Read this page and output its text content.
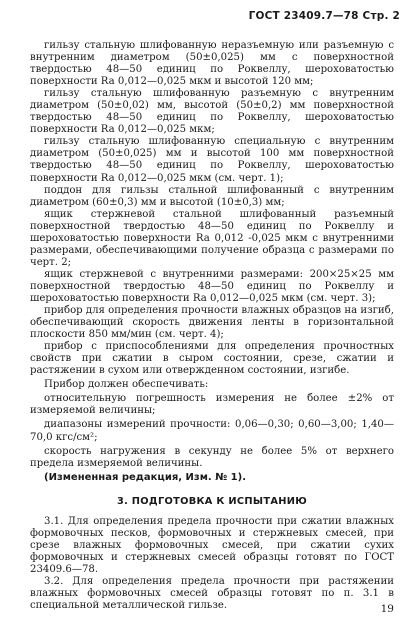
ГОСТ 23409.7—78 Стр. 2

гильзу стальную шлифованную неразъемную или разъемную с внутренним диаметром (50±0,025) мм с поверхностной твердостью 48—50 единиц по Роквеллу, шероховатостью поверхности Ra 0,012—0,025 мкм и высотой 120 мм;

гильзу стальную шлифованную разъемную с внутренним диаметром (50±0,02) мм, высотой (50±0,2) мм поверхностной твердостью 48—50 единиц по Роквеллу, шероховатостью поверхности Ra 0,012—0,025 мкм;

гильзу стальную шлифованную специальную с внутренним диаметром (50±0,025) мм и высотой 100 мм поверхностной твердостью 48—50 единиц по Роквеллу, шероховатостью поверхности Ra 0,012—0,025 мкм (см. черт. 1);

поддон для гильзы стальной шлифованный с внутренним диаметром (60±0,3) мм и высотой (10±0,3) мм;

ящик стержневой стальной шлифованный разъемный поверхностной твердостью 48—50 единиц по Роквеллу и шероховатостью поверхности Ra 0,012 -0,025 мкм с внутренними размерами, обеспечивающими получение образца с размерами по черт. 2;

ящик стержневой с внутренними размерами: 200×25×25 мм поверхностной твердостью 48—50 единиц по Роквеллу и шероховатостью поверхности Ra 0,012—0,025 мкм (см. черт. 3);

прибор для определения прочности влажных образцов на изгиб, обеспечивающий скорость движения ленты в горизонтальной плоскости 850 мм/мин (см. черт. 4);

прибор с приспособлениями для определения прочностных свойств при сжатии в сыром состоянии, срезе, сжатии и растяжении в сухом или отвержденном состоянии, изгибе.

Прибор должен обеспечивать:

относительную погрешность измерения не более ±2% от измеряемой величины;

диапазоны измерений прочности: 0,06—0,30; 0,60—3,00; 1,40—70,0 кгс/см²;

скорость нагружения в секунду не более 5% от верхнего предела измеряемой величины.

(Измененная редакция, Изм. № 1).

3. ПОДГОТОВКА К ИСПЫТАНИЮ

3.1. Для определения предела прочности при сжатии влажных формовочных песков, формовочных и стержневых смесей, при срезе влажных формовочных смесей, при сжатии сухих формовочных и стержневых смесей образцы готовят по ГОСТ 23409.6—78.

3.2. Для определения предела прочности при растяжении влажных формовочных смесей образцы готовят по п. 3.1 в специальной металлической гильзе.	19
